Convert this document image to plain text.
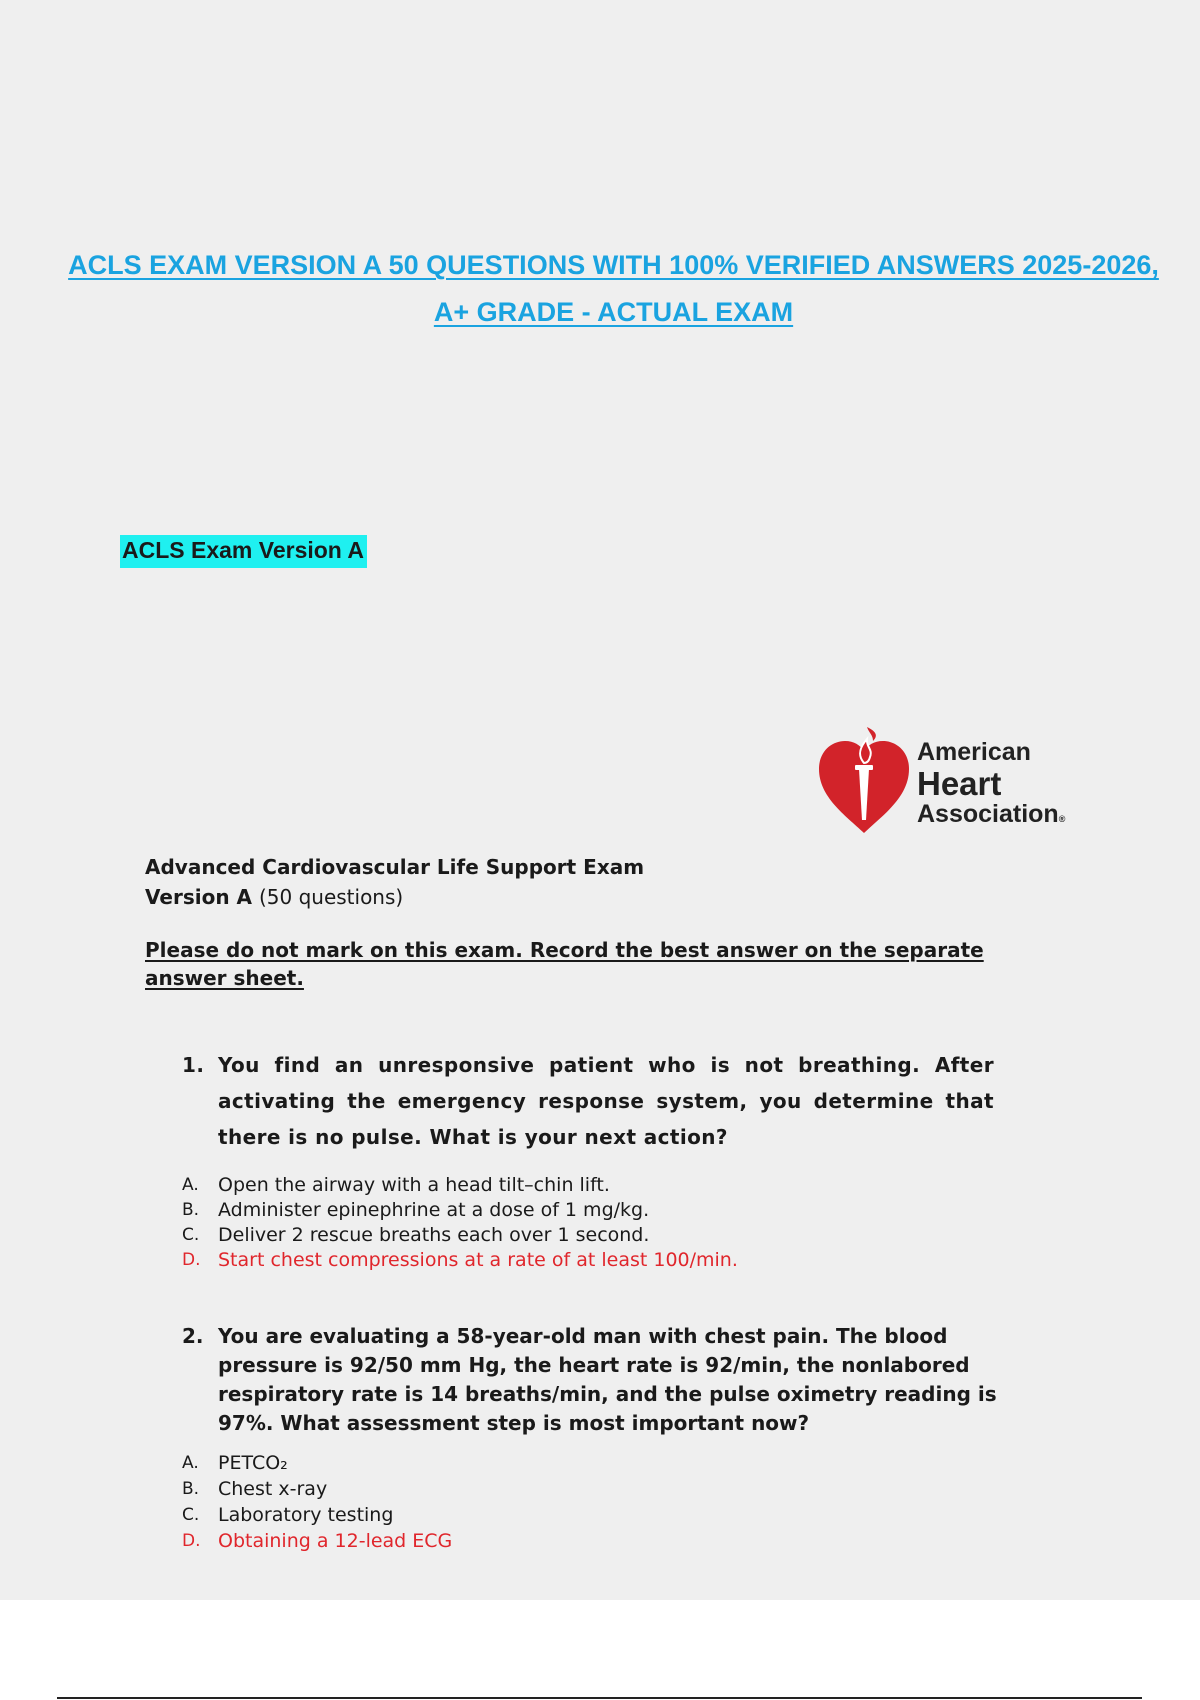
ACLS EXAM VERSION A 50 QUESTIONS WITH 100% VERIFIED ANSWERS 2025-2026, A+ GRADE - ACTUAL EXAM
ACLS Exam Version A
American
Heart
Association®
Advanced Cardiovascular Life Support Exam
Version A (50 questions)
Please do not mark on this exam. Record the best answer on the separate answer sheet.
1. You find an unresponsive patient who is not breathing. After activating the emergency response system, you determine that there is no pulse. What is your next action?
A. Open the airway with a head tilt–chin lift.
B. Administer epinephrine at a dose of 1 mg/kg.
C. Deliver 2 rescue breaths each over 1 second.
D. Start chest compressions at a rate of at least 100/min.
2. You are evaluating a 58-year-old man with chest pain. The blood pressure is 92/50 mm Hg, the heart rate is 92/min, the nonlabored respiratory rate is 14 breaths/min, and the pulse oximetry reading is 97%. What assessment step is most important now?
A. PETCO₂
B. Chest x-ray
C. Laboratory testing
D. Obtaining a 12-lead ECG
